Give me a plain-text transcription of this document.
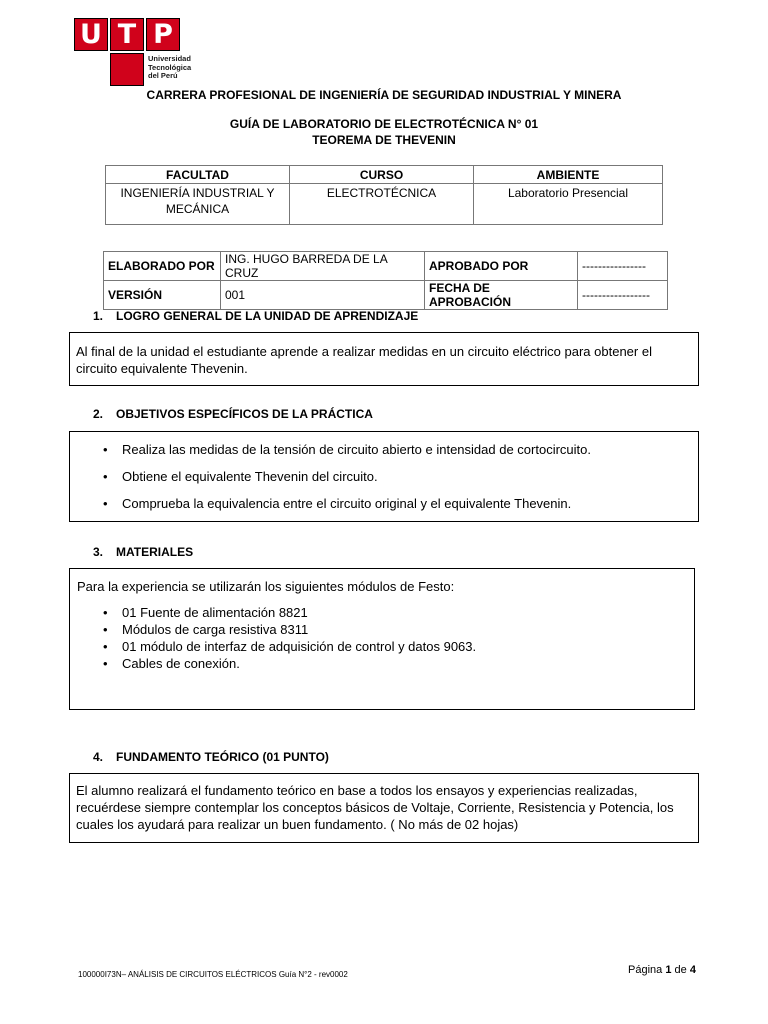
U T P
Universidad
Tecnológica
del Perú
CARRERA PROFESIONAL DE INGENIERÍA DE SEGURIDAD INDUSTRIAL Y MINERA
GUÍA DE LABORATORIO DE ELECTROTÉCNICA N° 01
TEOREMA DE THEVENIN
FACULTAD	CURSO	AMBIENTE
INGENIERÍA INDUSTRIAL Y MECÁNICA	ELECTROTÉCNICA	Laboratorio Presencial
ELABORADO POR	ING. HUGO BARREDA DE LA CRUZ	APROBADO POR	----------------
VERSIÓN	001	FECHA DE APROBACIÓN	-----------------
1. LOGRO GENERAL DE LA UNIDAD DE APRENDIZAJE
Al final de la unidad el estudiante aprende a realizar medidas en un circuito eléctrico para obtener el circuito equivalente Thevenin.
2. OBJETIVOS ESPECÍFICOS DE LA PRÁCTICA
• Realiza las medidas de la tensión de circuito abierto e intensidad de cortocircuito.
• Obtiene el equivalente Thevenin del circuito.
• Comprueba la equivalencia entre el circuito original y el equivalente Thevenin.
3. MATERIALES
Para la experiencia se utilizarán los siguientes módulos de Festo:
• 01 Fuente de alimentación 8821
• Módulos de carga resistiva 8311
• 01 módulo de interfaz de adquisición de control y datos 9063.
• Cables de conexión.
4. FUNDAMENTO TEÓRICO (01 PUNTO)
El alumno realizará el fundamento teórico en base a todos los ensayos y experiencias realizadas, recuérdese siempre contemplar los conceptos básicos de Voltaje, Corriente, Resistencia y Potencia, los cuales los ayudará para realizar un buen fundamento. ( No más de 02 hojas)
100000I73N– ANÁLISIS DE CIRCUITOS ELÉCTRICOS Guía N°2 - rev0002	Página 1 de 4
